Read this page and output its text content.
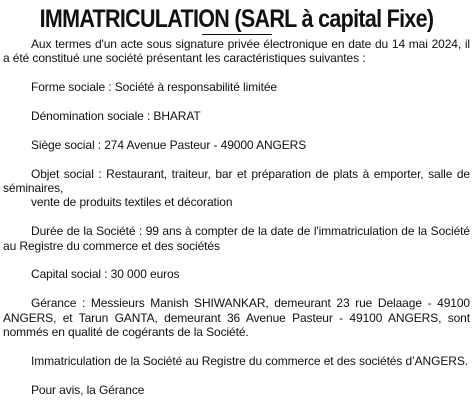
IMMATRICULATION (SARL à capital Fixe)

Aux termes d'un acte sous signature privée électronique en date du 14 mai 2024, il a été constitué une société présentant les caractéristiques suivantes :

Forme sociale : Société à responsabilité limitée

Dénomination sociale : BHARAT

Siège social : 274 Avenue Pasteur - 49000 ANGERS

Objet social : Restaurant, traiteur, bar et préparation de plats à emporter, salle de séminaires,
vente de produits textiles et décoration

Durée de la Société : 99 ans à compter de la date de l'immatriculation de la Société au Registre du commerce et des sociétés

Capital social : 30 000 euros

Gérance : Messieurs Manish SHIWANKAR, demeurant 23 rue Delaage - 49100 ANGERS, et Tarun GANTA, demeurant 36 Avenue Pasteur - 49100 ANGERS, sont nommés en qualité de cogérants de la Société.

Immatriculation de la Société au Registre du commerce et des sociétés d’ANGERS.

Pour avis, la Gérance
